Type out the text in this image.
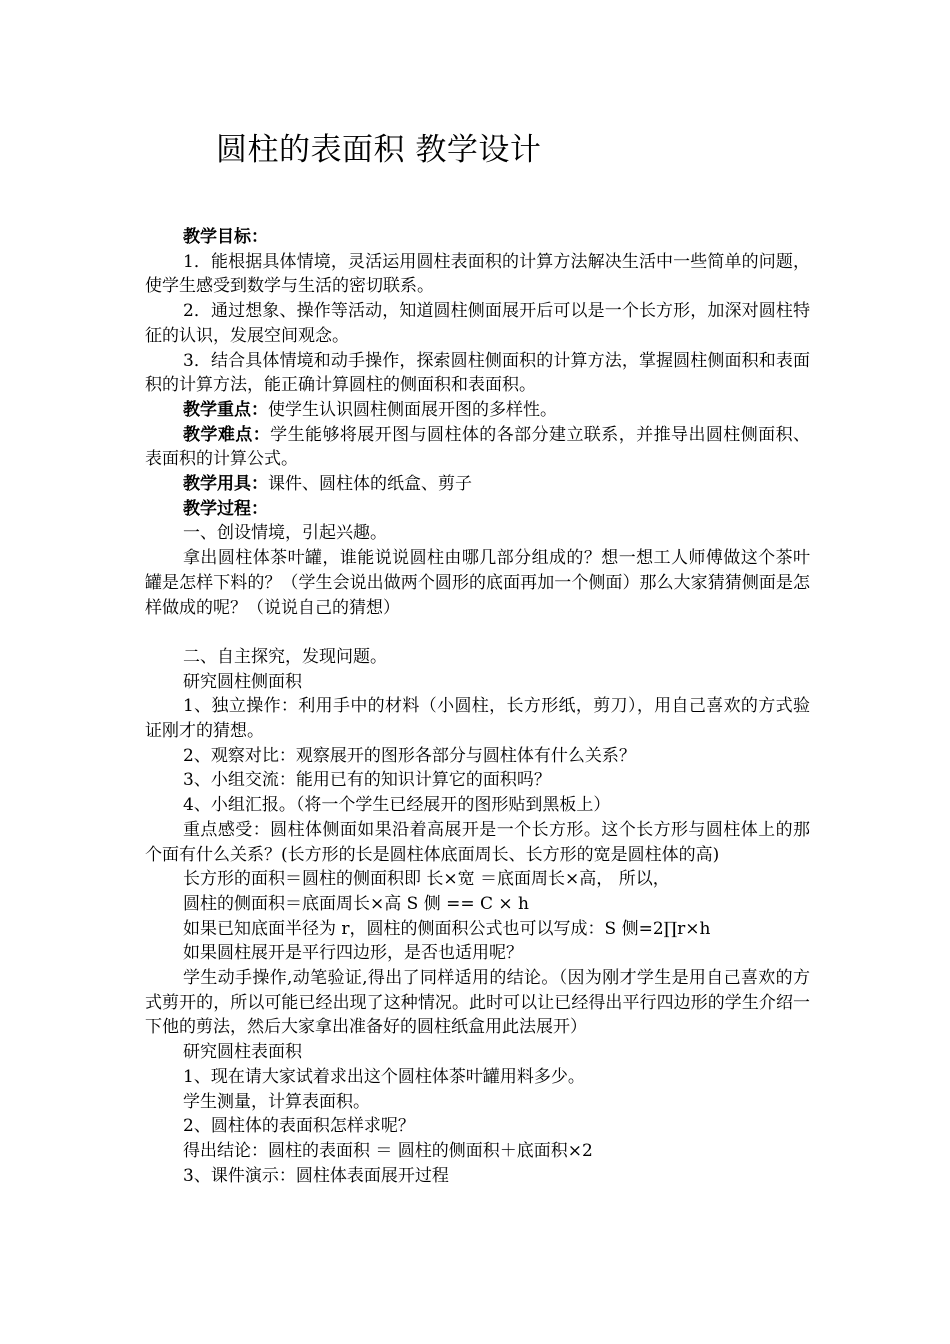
圆柱的表面积 教学设计

教学目标：

1．能根据具体情境，灵活运用圆柱表面积的计算方法解决生活中一些简单的问题，使学生感受到数学与生活的密切联系。

2．通过想象、操作等活动，知道圆柱侧面展开后可以是一个长方形，加深对圆柱特征的认识，发展空间观念。

3．结合具体情境和动手操作，探索圆柱侧面积的计算方法，掌握圆柱侧面积和表面积的计算方法，能正确计算圆柱的侧面积和表面积。

教学重点：使学生认识圆柱侧面展开图的多样性。

教学难点：学生能够将展开图与圆柱体的各部分建立联系，并推导出圆柱侧面积、表面积的计算公式。

教学用具：课件、圆柱体的纸盒、剪子

教学过程：

一、创设情境，引起兴趣。

拿出圆柱体茶叶罐，谁能说说圆柱由哪几部分组成的？想一想工人师傅做这个茶叶罐是怎样下料的？（学生会说出做两个圆形的底面再加一个侧面）那么大家猜猜侧面是怎样做成的呢？（说说自己的猜想）

二、自主探究，发现问题。

研究圆柱侧面积

1、独立操作：利用手中的材料（小圆柱，长方形纸，剪刀），用自己喜欢的方式验证刚才的猜想。

2、观察对比：观察展开的图形各部分与圆柱体有什么关系？

3、小组交流：能用已有的知识计算它的面积吗？

4、小组汇报。（将一个学生已经展开的图形贴到黑板上）

重点感受：圆柱体侧面如果沿着高展开是一个长方形。这个长方形与圆柱体上的那个面有什么关系？(长方形的长是圆柱体底面周长、长方形的宽是圆柱体的高)

长方形的面积＝圆柱的侧面积即 长×宽 ＝底面周长×高， 所以，

圆柱的侧面积＝底面周长×高 S 侧 == C × h

如果已知底面半径为 r，圆柱的侧面积公式也可以写成：S 侧=2∏r×h

如果圆柱展开是平行四边形，是否也适用呢？

学生动手操作,动笔验证,得出了同样适用的结论。（因为刚才学生是用自己喜欢的方式剪开的，所以可能已经出现了这种情况。此时可以让已经得出平行四边形的学生介绍一下他的剪法，然后大家拿出准备好的圆柱纸盒用此法展开）

研究圆柱表面积

1、现在请大家试着求出这个圆柱体茶叶罐用料多少。

学生测量，计算表面积。

2、圆柱体的表面积怎样求呢？

得出结论：圆柱的表面积 ＝ 圆柱的侧面积＋底面积×2

3、课件演示：圆柱体表面展开过程
